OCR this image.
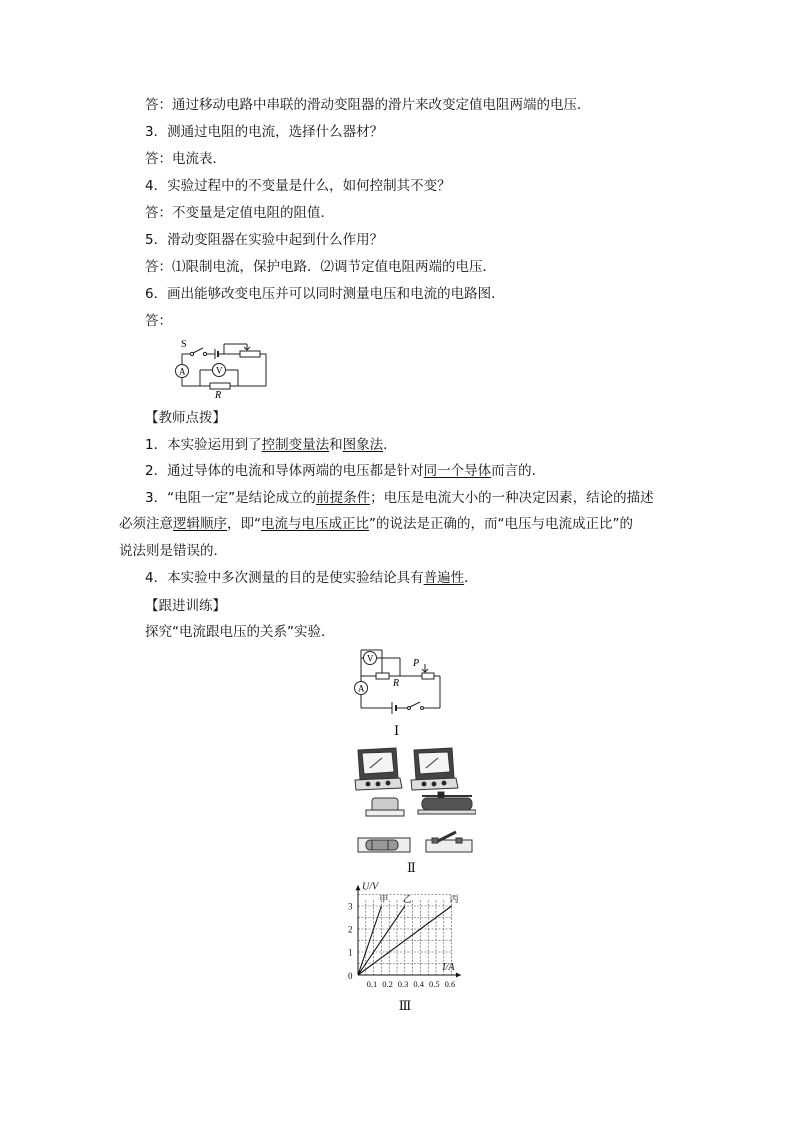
答：通过移动电路中串联的滑动变阻器的滑片来改变定值电阻两端的电压．
3．测通过电阻的电流，选择什么器材？
答：电流表．
4．实验过程中的不变量是什么，如何控制其不变？
答：不变量是定值电阻的阻值．
5．滑动变阻器在实验中起到什么作用？
答：⑴限制电流，保护电路．⑵调节定值电阻两端的电压．
6．画出能够改变电压并可以同时测量电压和电流的电路图．
答：
A	V
S
R
【教师点拨】
1．本实验运用到了控制变量法和图象法．
2．通过导体的电流和导体两端的电压都是针对同一个导体而言的．
3．“电阻一定”是结论成立的前提条件；电压是电流大小的一种决定因素，结论的描述
必须注意逻辑顺序，即“电流与电压成正比”的说法是正确的，而“电压与电流成正比”的
说法则是错误的．
4．本实验中多次测量的目的是使实验结论具有普遍性．
【跟进训练】
探究“电流跟电压的关系”实验．
V
A
P
R
Ⅰ
Ⅱ
甲 乙	丙
0.1 0.2 0.3 0.4 0.5 0.6
1
2
3
0
U/V
I/A
Ⅲ
